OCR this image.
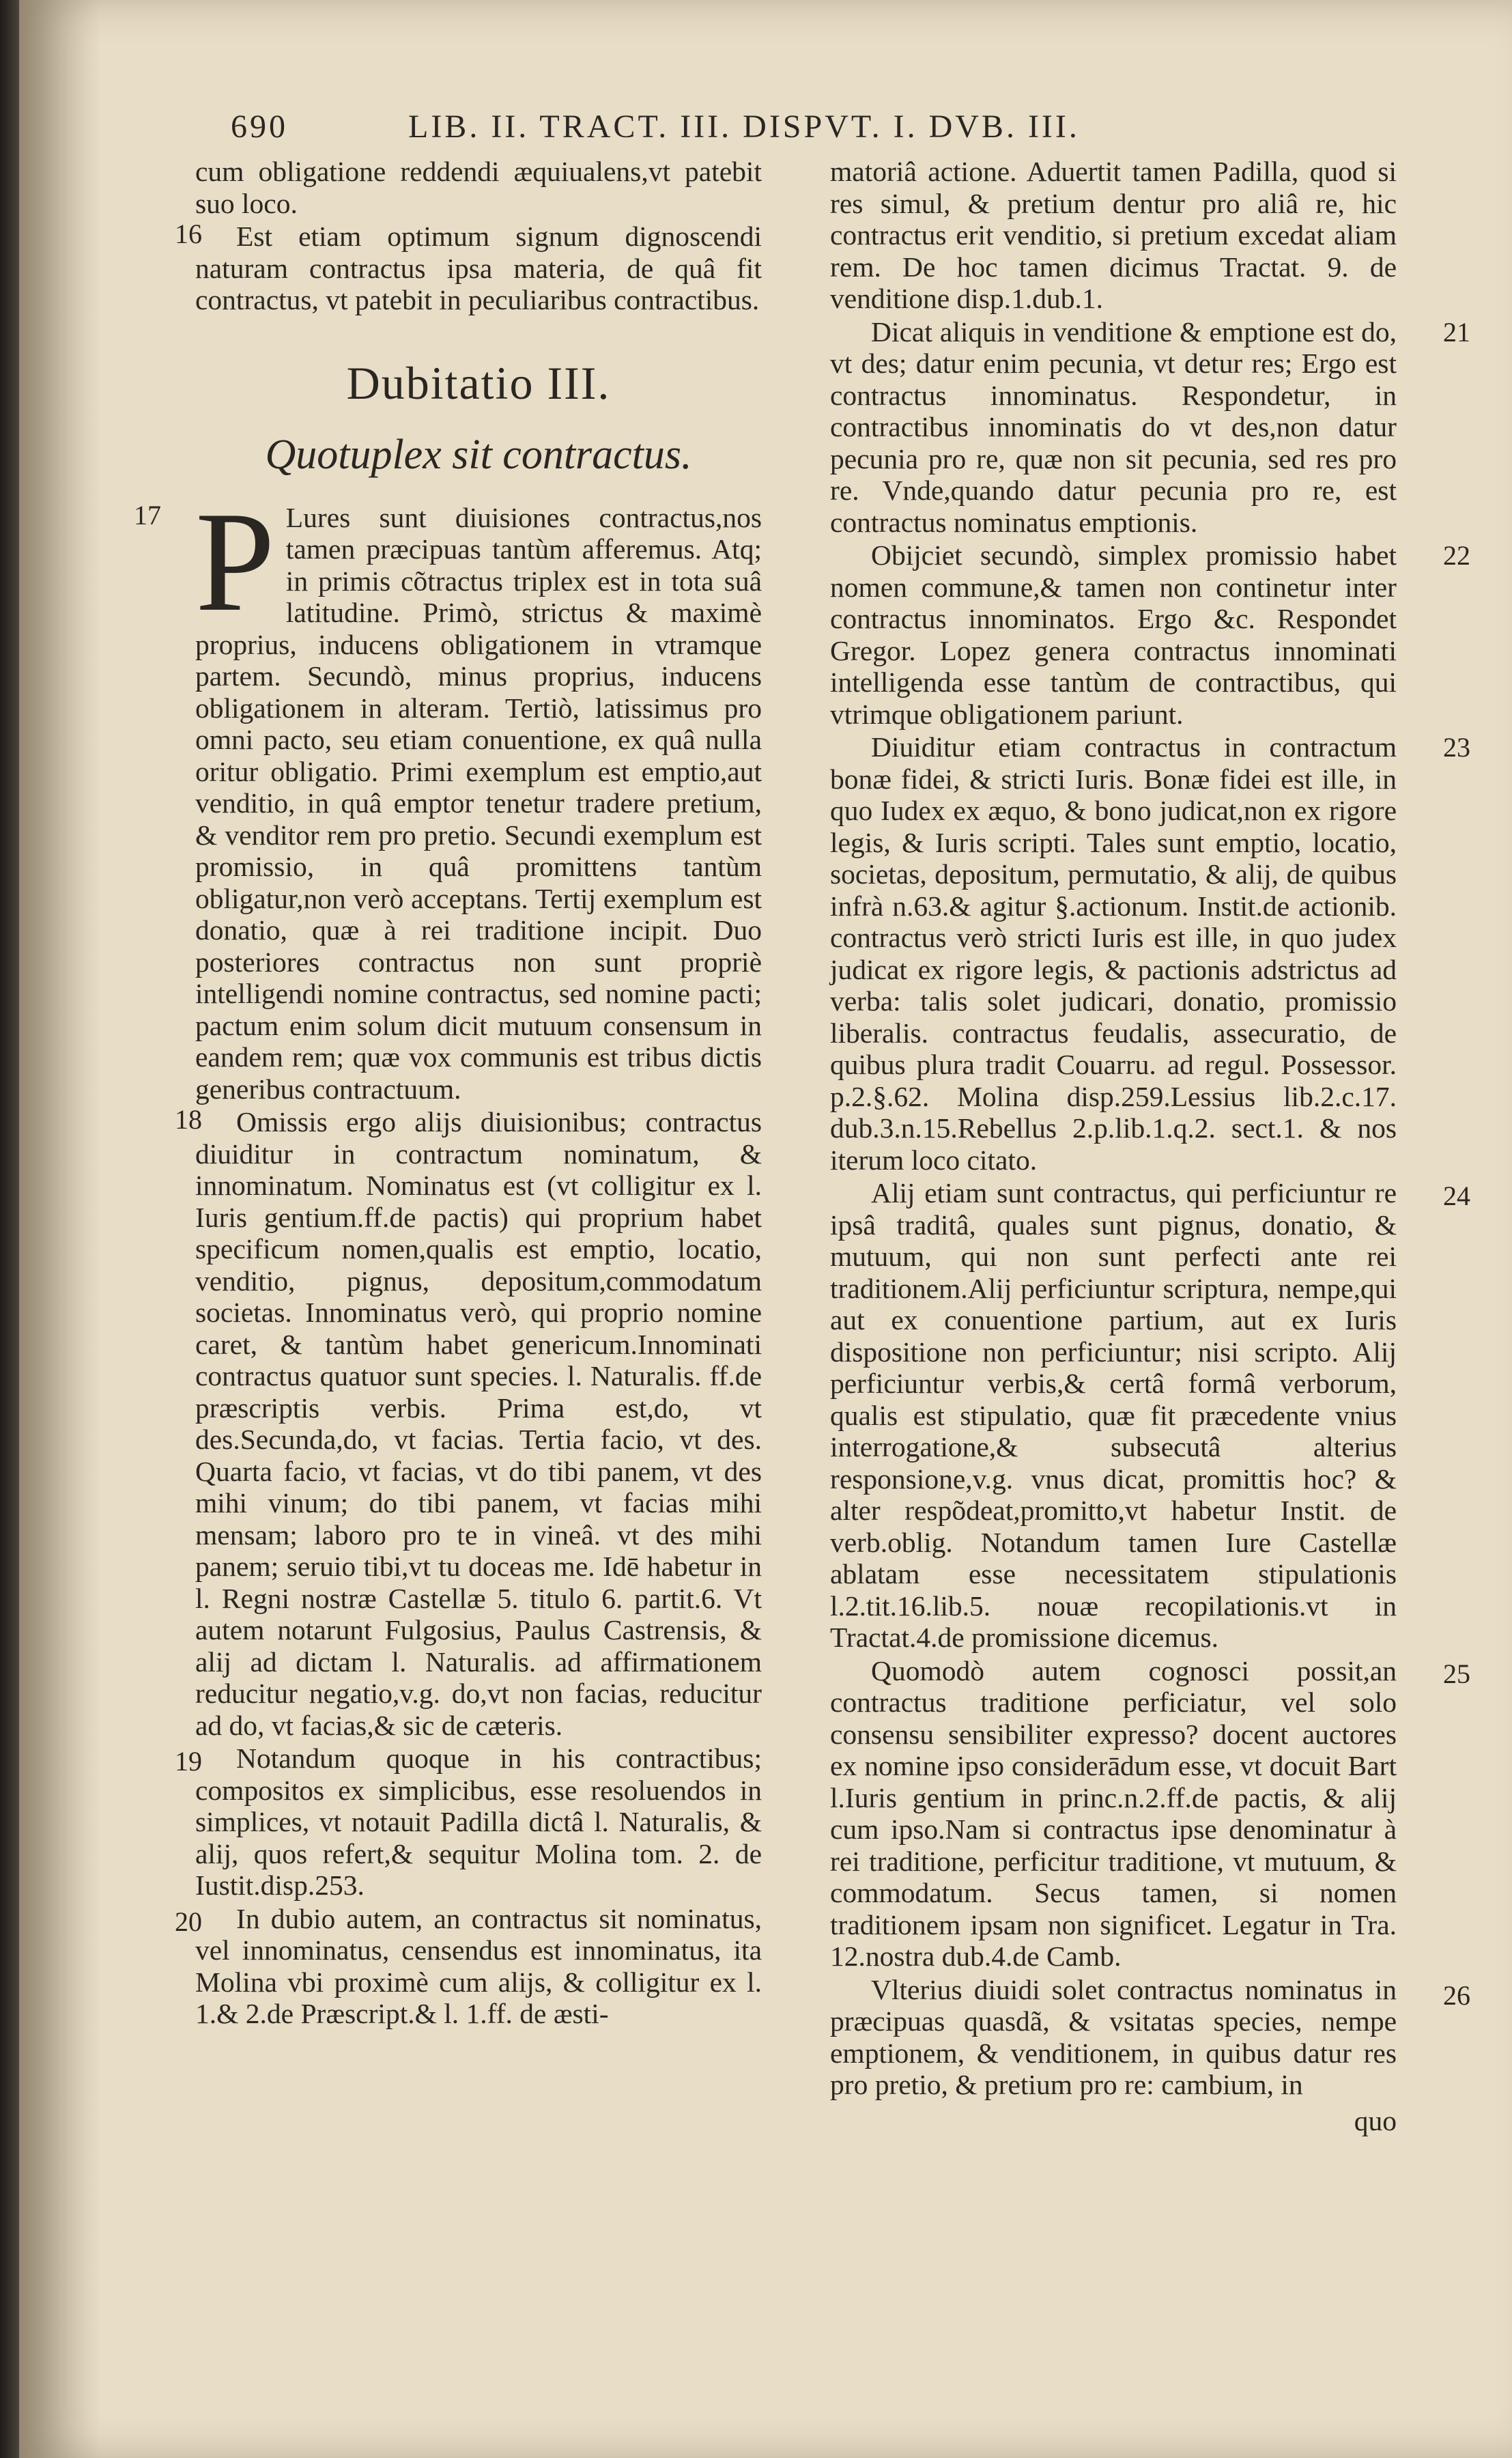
690	LIB. II. TRACT. III. DISPVT. I. DVB. III.

cum obligatione reddendi æquiualens,vt patebit suo loco.

16 Est etiam optimum signum dignoscendi naturam contractus ipsa materia, de quâ fit contractus, vt patebit in peculiaribus contractibus.

Dubitatio III.
Quotuplex sit contractus.

17 P Lures sunt diuisiones contractus,nos tamen præcipuas tantùm afferemus. Atq; in primis cõtractus triplex est in tota suâ latitudine. Primò, strictus & maximè proprius, inducens obligationem in vtramque partem. Secundò, minus proprius, inducens obligationem in alteram. Tertiò, latissimus pro omni pacto, seu etiam conuentione, ex quâ nulla oritur obligatio. Primi exemplum est emptio,aut venditio, in quâ emptor tenetur tradere pretium, & venditor rem pro pretio. Secundi exemplum est promissio, in quâ promittens tantùm obligatur,non verò acceptans. Tertij exemplum est donatio, quæ à rei traditione incipit. Duo posteriores contractus non sunt propriè intelligendi nomine contractus, sed nomine pacti; pactum enim solum dicit mutuum consensum in eandem rem; quæ vox communis est tribus dictis generibus contractuum.

18 Omissis ergo alijs diuisionibus; contractus diuiditur in contractum nominatum, & innominatum. Nominatus est (vt colligitur ex l. Iuris gentium.ff.de pactis) qui proprium habet specificum nomen,qualis est emptio, locatio, venditio, pignus, depositum,commodatum societas. Innominatus verò, qui proprio nomine caret, & tantùm habet genericum.Innominati contractus quatuor sunt species. l. Naturalis. ff.de præscriptis verbis. Prima est,do, vt des.Secunda,do, vt facias. Tertia facio, vt des. Quarta facio, vt facias, vt do tibi panem, vt des mihi vinum; do tibi panem, vt facias mihi mensam; laboro pro te in vineâ. vt des mihi panem; seruio tibi,vt tu doceas me. Idē habetur in l. Regni nostræ Castellæ 5. titulo 6. partit.6. Vt autem notarunt Fulgosius, Paulus Castrensis, & alij ad dictam l. Naturalis. ad affirmationem reducitur negatio,v.g. do,vt non facias, reducitur ad do, vt facias,& sic de cæteris.

19 Notandum quoque in his contractibus; compositos ex simplicibus, esse resoluendos in simplices, vt notauit Padilla dictâ l. Naturalis, & alij, quos refert,& sequitur Molina tom. 2. de Iustit.disp.253.

20 In dubio autem, an contractus sit nominatus, vel innominatus, censendus est innominatus, ita Molina vbi proximè cum alijs, & colligitur ex l. 1.& 2.de Præscript.& l. 1.ff. de æsti-

matoriâ actione. Aduertit tamen Padilla, quod si res simul, & pretium dentur pro aliâ re, hic contractus erit venditio, si pretium excedat aliam rem. De hoc tamen dicimus Tractat. 9. de venditione disp.1.dub.1.

21
Dicat aliquis in venditione & emptione est do, vt des; datur enim pecunia, vt detur res; Ergo est contractus innominatus. Respondetur, in contractibus innominatis do vt des,non datur pecunia pro re, quæ non sit pecunia, sed res pro re. Vnde,quando datur pecunia pro re, est contractus nominatus emptionis.

22
Obijciet secundò, simplex promissio habet nomen commune,& tamen non continetur inter contractus innominatos. Ergo &c. Respondet Gregor. Lopez genera contractus innominati intelligenda esse tantùm de contractibus, qui vtrimque obligationem pariunt.

23
Diuiditur etiam contractus in contractum bonæ fidei, & stricti Iuris. Bonæ fidei est ille, in quo Iudex ex æquo, & bono judicat,non ex rigore legis, & Iuris scripti. Tales sunt emptio, locatio, societas, depositum, permutatio, & alij, de quibus infrà n.63.& agitur §.actionum. Instit.de actionib. contractus verò stricti Iuris est ille, in quo judex judicat ex rigore legis, & pactionis adstrictus ad verba: talis solet judicari, donatio, promissio liberalis. contractus feudalis, assecuratio, de quibus plura tradit Couarru. ad regul. Possessor. p.2.§.62. Molina disp.259.Lessius lib.2.c.17. dub.3.n.15.Rebellus 2.p.lib.1.q.2. sect.1. & nos iterum loco citato.

24
Alij etiam sunt contractus, qui perficiuntur re ipsâ traditâ, quales sunt pignus, donatio, & mutuum, qui non sunt perfecti ante rei traditionem.Alij perficiuntur scriptura, nempe,qui aut ex conuentione partium, aut ex Iuris dispositione non perficiuntur; nisi scripto. Alij perficiuntur verbis,& certâ formâ verborum, qualis est stipulatio, quæ fit præcedente vnius interrogatione,& subsecutâ alterius responsione,v.g. vnus dicat, promittis hoc? & alter respõdeat,promitto,vt habetur Instit. de verb.oblig. Notandum tamen Iure Castellæ ablatam esse necessitatem stipulationis l.2.tit.16.lib.5. nouæ recopilationis.vt in Tractat.4.de promissione dicemus.

25
Quomodò autem cognosci possit,an contractus traditione perficiatur, vel solo consensu sensibiliter expresso? docent auctores ex nomine ipso considerādum esse, vt docuit Bart l.Iuris gentium in princ.n.2.ff.de pactis, & alij cum ipso.Nam si contractus ipse denominatur à rei traditione, perficitur traditione, vt mutuum, & commodatum. Secus tamen, si nomen traditionem ipsam non significet. Legatur in Tra. 12.nostra dub.4.de Camb.

26
Vlterius diuidi solet contractus nominatus in præcipuas quasdã, & vsitatas species, nempe emptionem, & venditionem, in quibus datur res pro pretio, & pretium pro re: cambium, in

quo
